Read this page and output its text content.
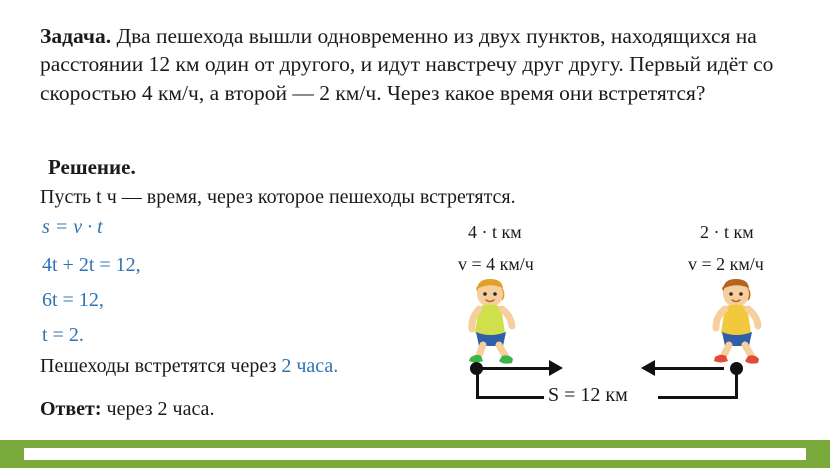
Задача. Два пешехода вышли одновременно из двух пунктов, находящихся на расстоянии 12 км один от другого, и идут навстречу друг другу. Первый идёт со скоростью 4 км/ч, а второй — 2 км/ч. Через какое время они встретятся?
Решение.
Пусть t ч — время, через которое пешеходы встретятся.
s = v · t
4t + 2t = 12,
6t = 12,
t = 2.
Пешеходы встретятся через 2 часа.
Ответ: через 2 часа.
4 · t км
v = 4 км/ч
2 · t км
v = 2 км/ч
S = 12 км
